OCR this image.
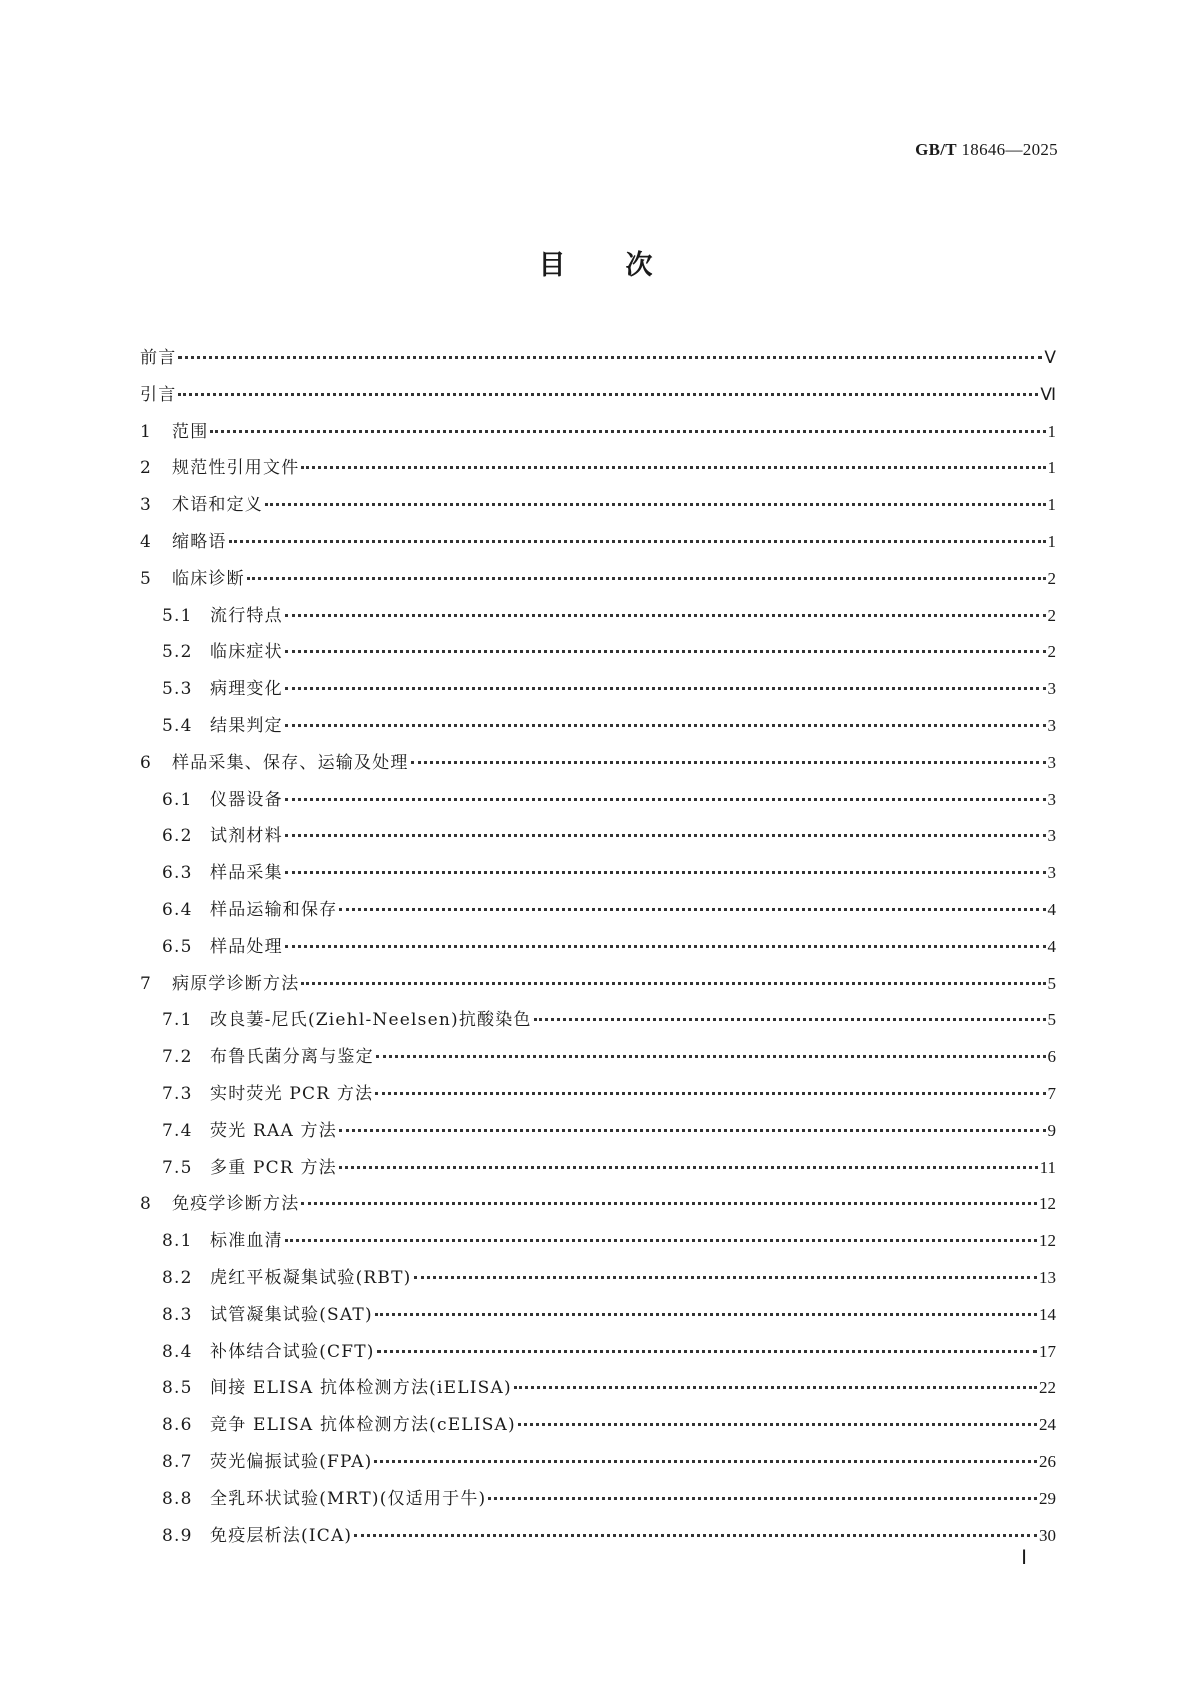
GB/T 18646—2025
目次
前言	Ⅴ
引言	Ⅵ
1	范围	1
2	规范性引用文件	1
3	术语和定义	1
4	缩略语	1
5	临床诊断	2
5.1	流行特点	2
5.2	临床症状	2
5.3	病理变化	3
5.4	结果判定	3
6	样品采集、保存、运输及处理	3
6.1	仪器设备	3
6.2	试剂材料	3
6.3	样品采集	3
6.4	样品运输和保存	4
6.5	样品处理	4
7	病原学诊断方法	5
7.1	改良萋-尼氏(Ziehl-Neelsen)抗酸染色	5
7.2	布鲁氏菌分离与鉴定	6
7.3	实时荧光 PCR 方法	7
7.4	荧光 RAA 方法	9
7.5	多重 PCR 方法	11
8	免疫学诊断方法	12
8.1	标准血清	12
8.2	虎红平板凝集试验(RBT)	13
8.3	试管凝集试验(SAT)	14
8.4	补体结合试验(CFT)	17
8.5	间接 ELISA 抗体检测方法(iELISA)	22
8.6	竞争 ELISA 抗体检测方法(cELISA)	24
8.7	荧光偏振试验(FPA)	26
8.8	全乳环状试验(MRT)(仅适用于牛)	29
8.9	免疫层析法(ICA)	30
Ⅰ
